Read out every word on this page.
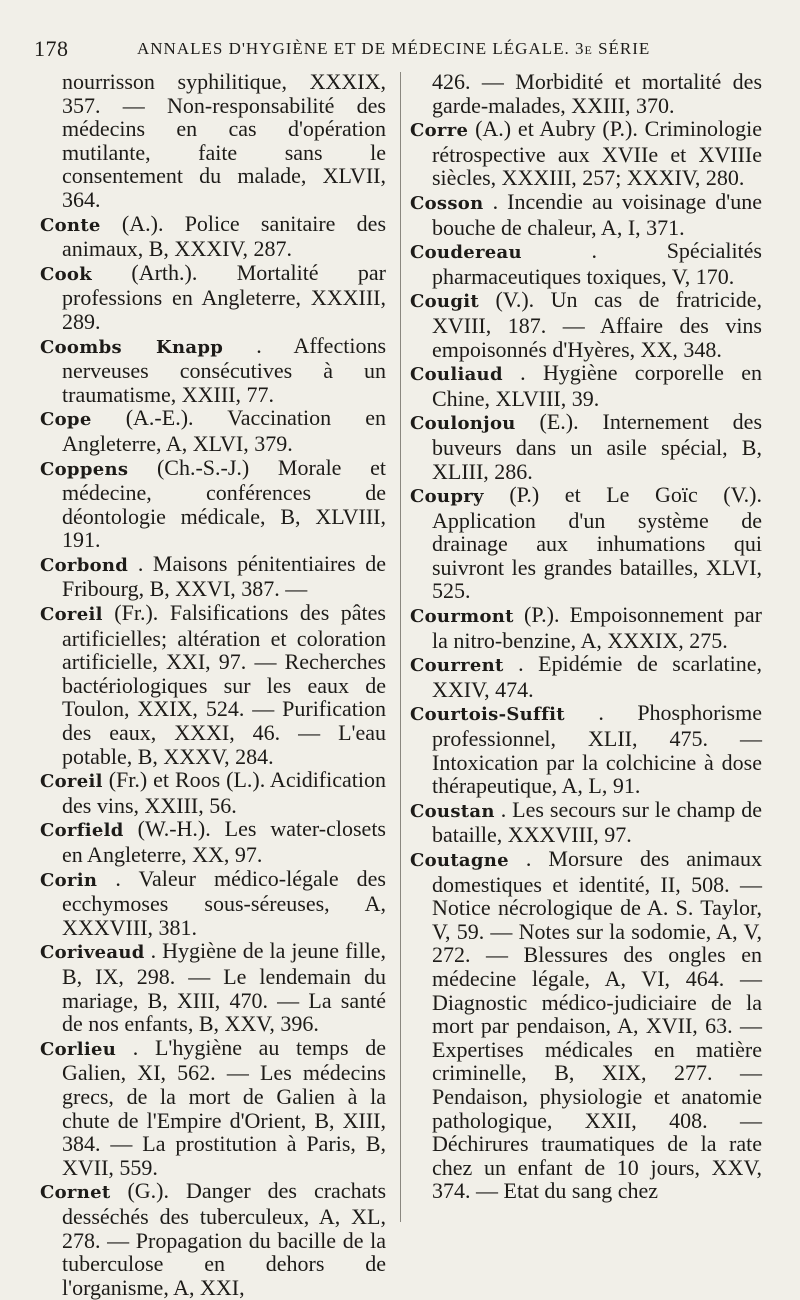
178	ANNALES D'HYGIÈNE ET DE MÉDECINE LÉGALE. 3e SÉRIE

nourrisson syphilitique, XXXIX, 357. — Non-responsabilité des médecins en cas d'opération mutilante, faite sans le consentement du malade, XLVII, 364.

Conte (A.). Police sanitaire des animaux, B, XXXIV, 287.

Cook (Arth.). Mortalité par professions en Angleterre, XXXIII, 289.

Coombs Knapp . Affections nerveuses consécutives à un traumatisme, XXIII, 77.

Cope (A.-E.). Vaccination en Angleterre, A, XLVI, 379.

Coppens (Ch.-S.-J.) Morale et médecine, conférences de déontologie médicale, B, XLVIII, 191.

Corbond . Maisons pénitentiaires de Fribourg, B, XXVI, 387. —

Coreil (Fr.). Falsifications des pâtes artificielles; altération et coloration artificielle, XXI, 97. — Recherches bactériologiques sur les eaux de Toulon, XXIX, 524. — Purification des eaux, XXXI, 46. — L'eau potable, B, XXXV, 284.

Coreil (Fr.) et Roos (L.). Acidification des vins, XXIII, 56.

Corfield (W.-H.). Les water-closets en Angleterre, XX, 97.

Corin . Valeur médico-légale des ecchymoses sous-séreuses, A, XXXVIII, 381.

Coriveaud . Hygiène de la jeune fille, B, IX, 298. — Le lendemain du mariage, B, XIII, 470. — La santé de nos enfants, B, XXV, 396.

Corlieu . L'hygiène au temps de Galien, XI, 562. — Les médecins grecs, de la mort de Galien à la chute de l'Empire d'Orient, B, XIII, 384. — La prostitution à Paris, B, XVII, 559.

Cornet (G.). Danger des crachats desséchés des tuberculeux, A, XL, 278. — Propagation du bacille de la tuberculose en dehors de l'organisme, A, XXI,

426. — Morbidité et mortalité des garde-malades, XXIII, 370.

Corre (A.) et Aubry (P.). Criminologie rétrospective aux XVIIe et XVIIIe siècles, XXXIII, 257; XXXIV, 280.

Cosson . Incendie au voisinage d'une bouche de chaleur, A, I, 371.

Coudereau	. Spécialités pharmaceutiques toxiques, V, 170.

Cougit (V.). Un cas de fratricide, XVIII, 187. — Affaire des vins empoisonnés d'Hyères, XX, 348.

Couliaud . Hygiène corporelle en Chine, XLVIII, 39.

Coulonjou (E.). Internement des buveurs dans un asile spécial, B, XLIII, 286.

Coupry (P.) et Le Goïc (V.). Application d'un système de drainage aux inhumations qui suivront les grandes batailles, XLVI, 525.

Courmont (P.). Empoisonnement par la nitro-benzine, A, XXXIX, 275.

Courrent . Epidémie de scarlatine, XXIV, 474.

Courtois-Suffit . Phosphorisme professionnel, XLII, 475. — Intoxication par la colchicine à dose thérapeutique, A, L, 91.

Coustan . Les secours sur le champ de bataille, XXXVIII, 97.

Coutagne . Morsure des animaux domestiques et identité, II, 508. — Notice nécrologique de A. S. Taylor, V, 59. — Notes sur la sodomie, A, V, 272. — Blessures des ongles en médecine légale, A, VI, 464. — Diagnostic médico-judiciaire de la mort par pendaison, A, XVII, 63. — Expertises médicales en matière criminelle, B, XIX, 277. — Pendaison, physiologie et anatomie pathologique, XXII, 408. — Déchirures traumatiques de la rate chez un enfant de 10 jours, XXV, 374. — Etat du sang chez
